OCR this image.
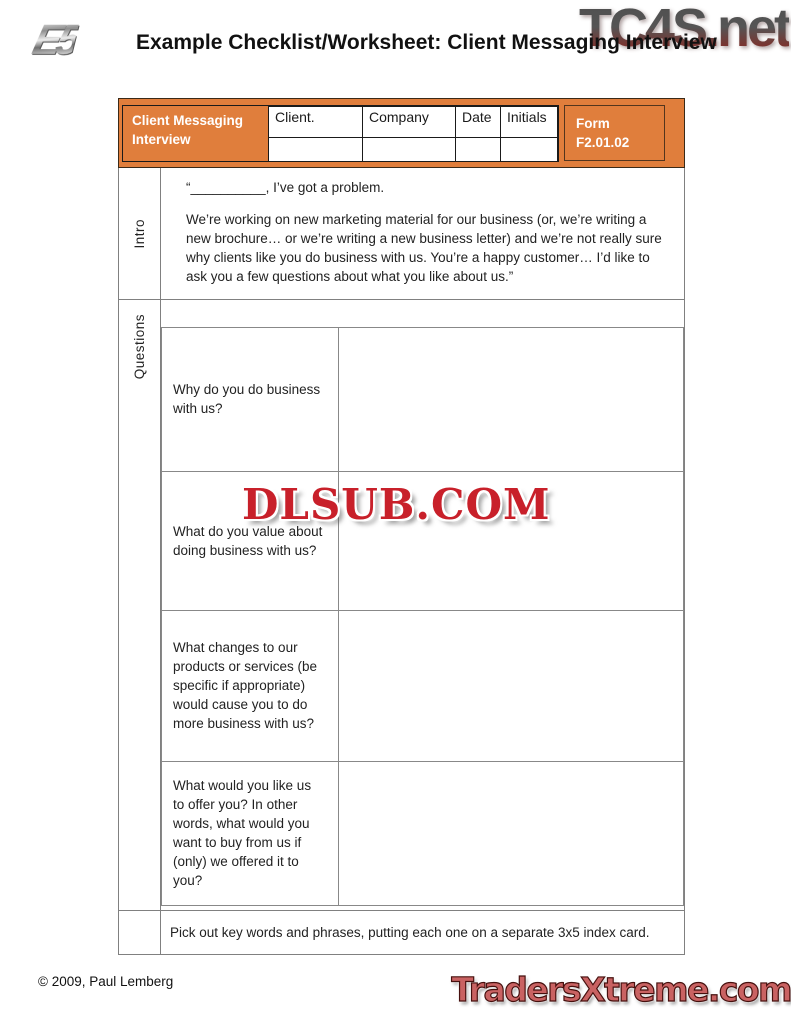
E5	Example Checklist/Worksheet: Client Messaging Interview
TC4S.net
Client Messaging Interview
Client.	Company	Date	Initials
			Form
F2.01.02
Intro

“__________, I’ve got a problem.

We’re working on new marketing material for our business (or, we’re writing a new brochure… or we’re writing a new business letter) and we’re not really sure why clients like you do business with us. You’re a happy customer… I’d like to ask you a few questions about what you like about us.”

Questions
Why do you do business with us?	
What do you value about doing business with us?	
What changes to our products or services (be specific if appropriate) would cause you to do more business with us?	
What would you like us to offer you? In other words, what would you want to buy from us if (only) we offered it to you?	
Pick out key words and phrases, putting each one on a separate 3x5 index card.
DLSUB.COM
© 2009, Paul Lemberg	TradersXtreme.com
